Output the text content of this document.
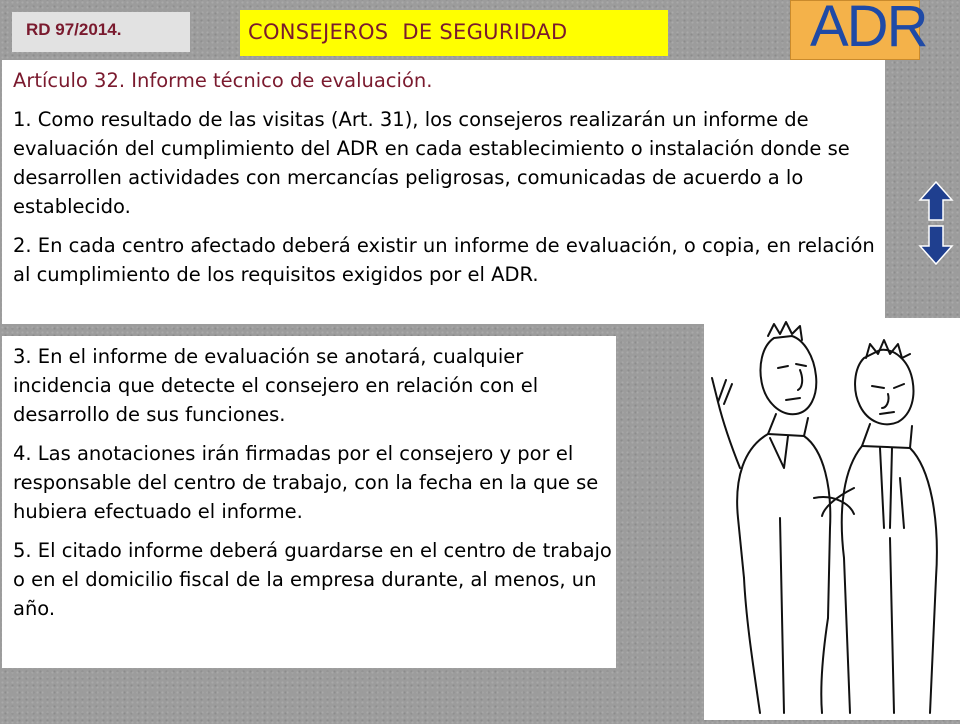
RD 97/2014.	CONSEJEROS  DE SEGURIDAD	ADR

Artículo 32. Informe técnico de evaluación.

1. Como resultado de las visitas (Art. 31), los consejeros realizarán un informe de evaluación del cumplimiento del ADR en cada establecimiento o instalación donde se desarrollen actividades con mercancías peligrosas, comunicadas de acuerdo a lo establecido.

2. En cada centro afectado deberá existir un informe de evaluación, o copia, en relación al cumplimiento de los requisitos exigidos por el ADR.

3. En el informe de evaluación se anotará, cualquier incidencia que detecte el consejero en relación con el desarrollo de sus funciones.

4. Las anotaciones irán firmadas por el consejero y por el responsable del centro de trabajo, con la fecha en la que se hubiera efectuado el informe.

5. El citado informe deberá guardarse en el centro de trabajo o en el domicilio fiscal de la empresa durante, al menos, un año.
